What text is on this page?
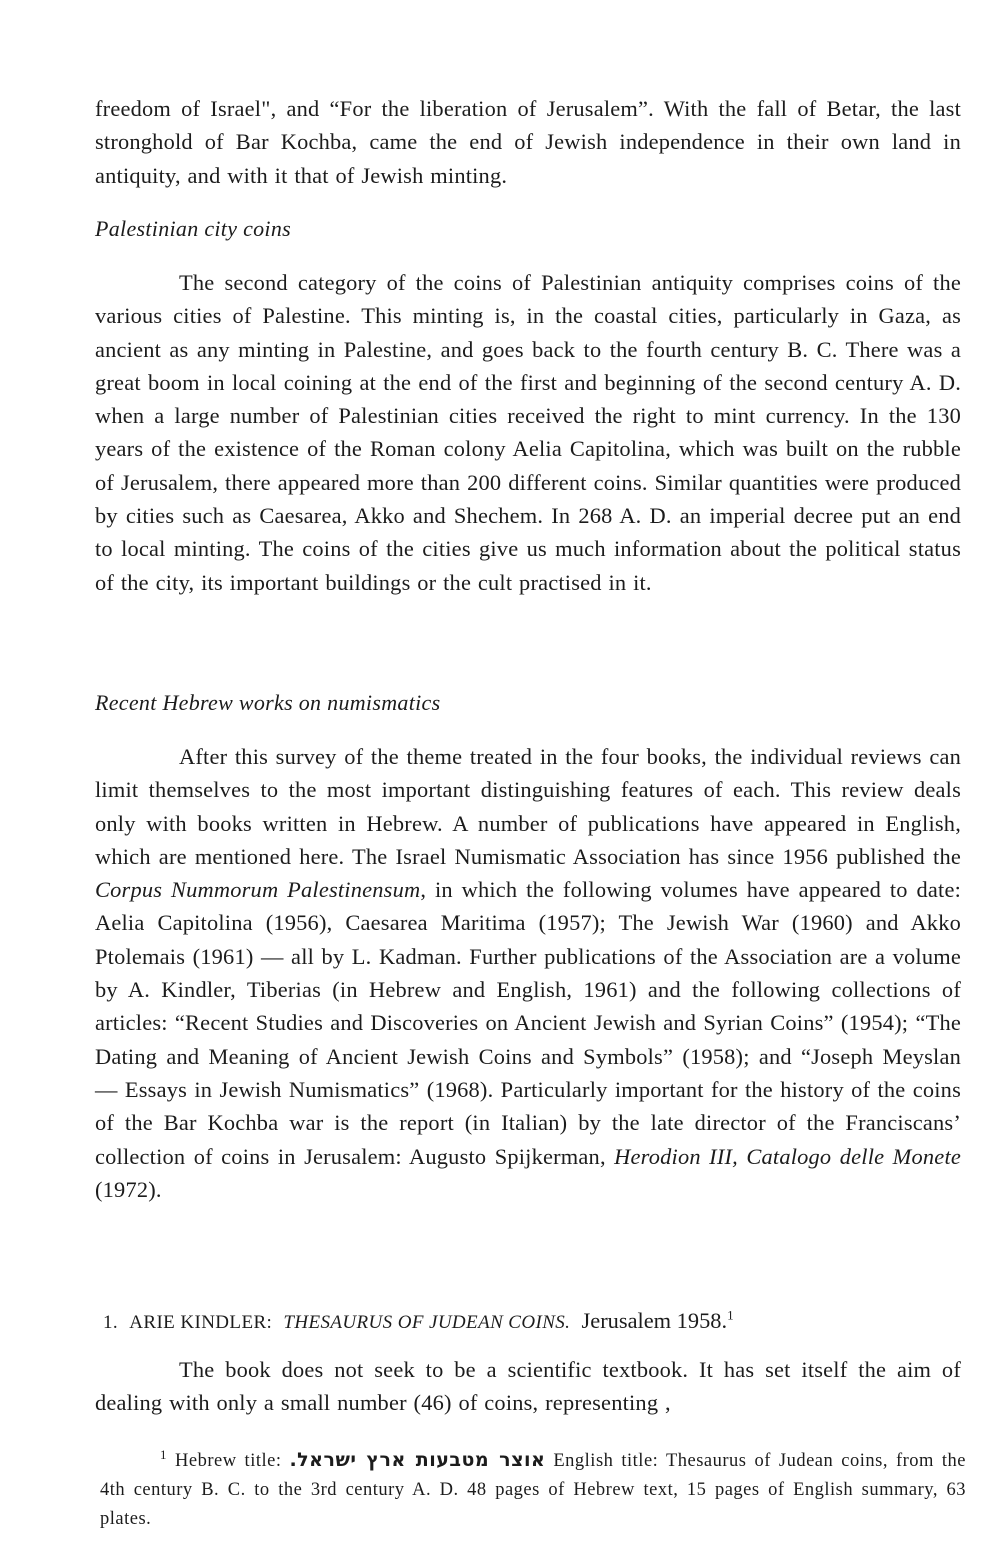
freedom of Israel", and “For the liberation of Jerusalem”. With the fall of Betar, the last stronghold of Bar Kochba, came the end of Jewish independence in their own land in antiquity, and with it that of Jewish minting.

Palestinian city coins

The second category of the coins of Palestinian antiquity comprises coins of the various cities of Palestine. This minting is, in the coastal cities, particularly in Gaza, as ancient as any minting in Palestine, and goes back to the fourth century B. C. There was a great boom in local coining at the end of the first and beginning of the second century A. D. when a large number of Palestinian cities received the right to mint currency. In the 130 years of the existence of the Roman colony Aelia Capitolina, which was built on the rubble of Jerusalem, there appeared more than 200 different coins. Similar quantities were produced by cities such as Caesarea, Akko and Shechem. In 268 A. D. an imperial decree put an end to local minting. The coins of the cities give us much information about the political status of the city, its important buildings or the cult practised in it.

Recent Hebrew works on numismatics

After this survey of the theme treated in the four books, the individual reviews can limit themselves to the most important distinguishing features of each. This review deals only with books written in Hebrew. A number of publications have appeared in English, which are mentioned here. The Israel Numismatic Association has since 1956 published the Corpus Nummorum Palestinensum, in which the following volumes have appeared to date: Aelia Capitolina (1956), Caesarea Maritima (1957); The Jewish War (1960) and Akko Ptolemais (1961) — all by L. Kadman. Further publications of the Association are a volume by A. Kindler, Tiberias (in Hebrew and English, 1961) and the following collections of articles: “Recent Studies and Discoveries on Ancient Jewish and Syrian Coins” (1954); “The Dating and Meaning of Ancient Jewish Coins and Symbols” (1958); and “Joseph Meyslan — Essays in Jewish Numismatics” (1968). Particularly important for the history of the coins of the Bar Kochba war is the report (in Italian) by the late director of the Franciscans’ collection of coins in Jerusalem: Augusto Spijkerman, Herodion III, Catalogo delle Monete (1972).

1. ARIE KINDLER: THESAURUS OF JUDEAN COINS. Jerusalem 1958.$^1$

The book does not seek to be a scientific textbook. It has set itself the aim of dealing with only a small number (46) of coins, representing ,

$^1$ Hebrew title: אוצר מטבעות ארץ ישראל. English title: Thesaurus of Judean coins, from the 4th century B. C. to the 3rd century A. D. 48 pages of Hebrew text, 15 pages of English summary, 63 plates.
